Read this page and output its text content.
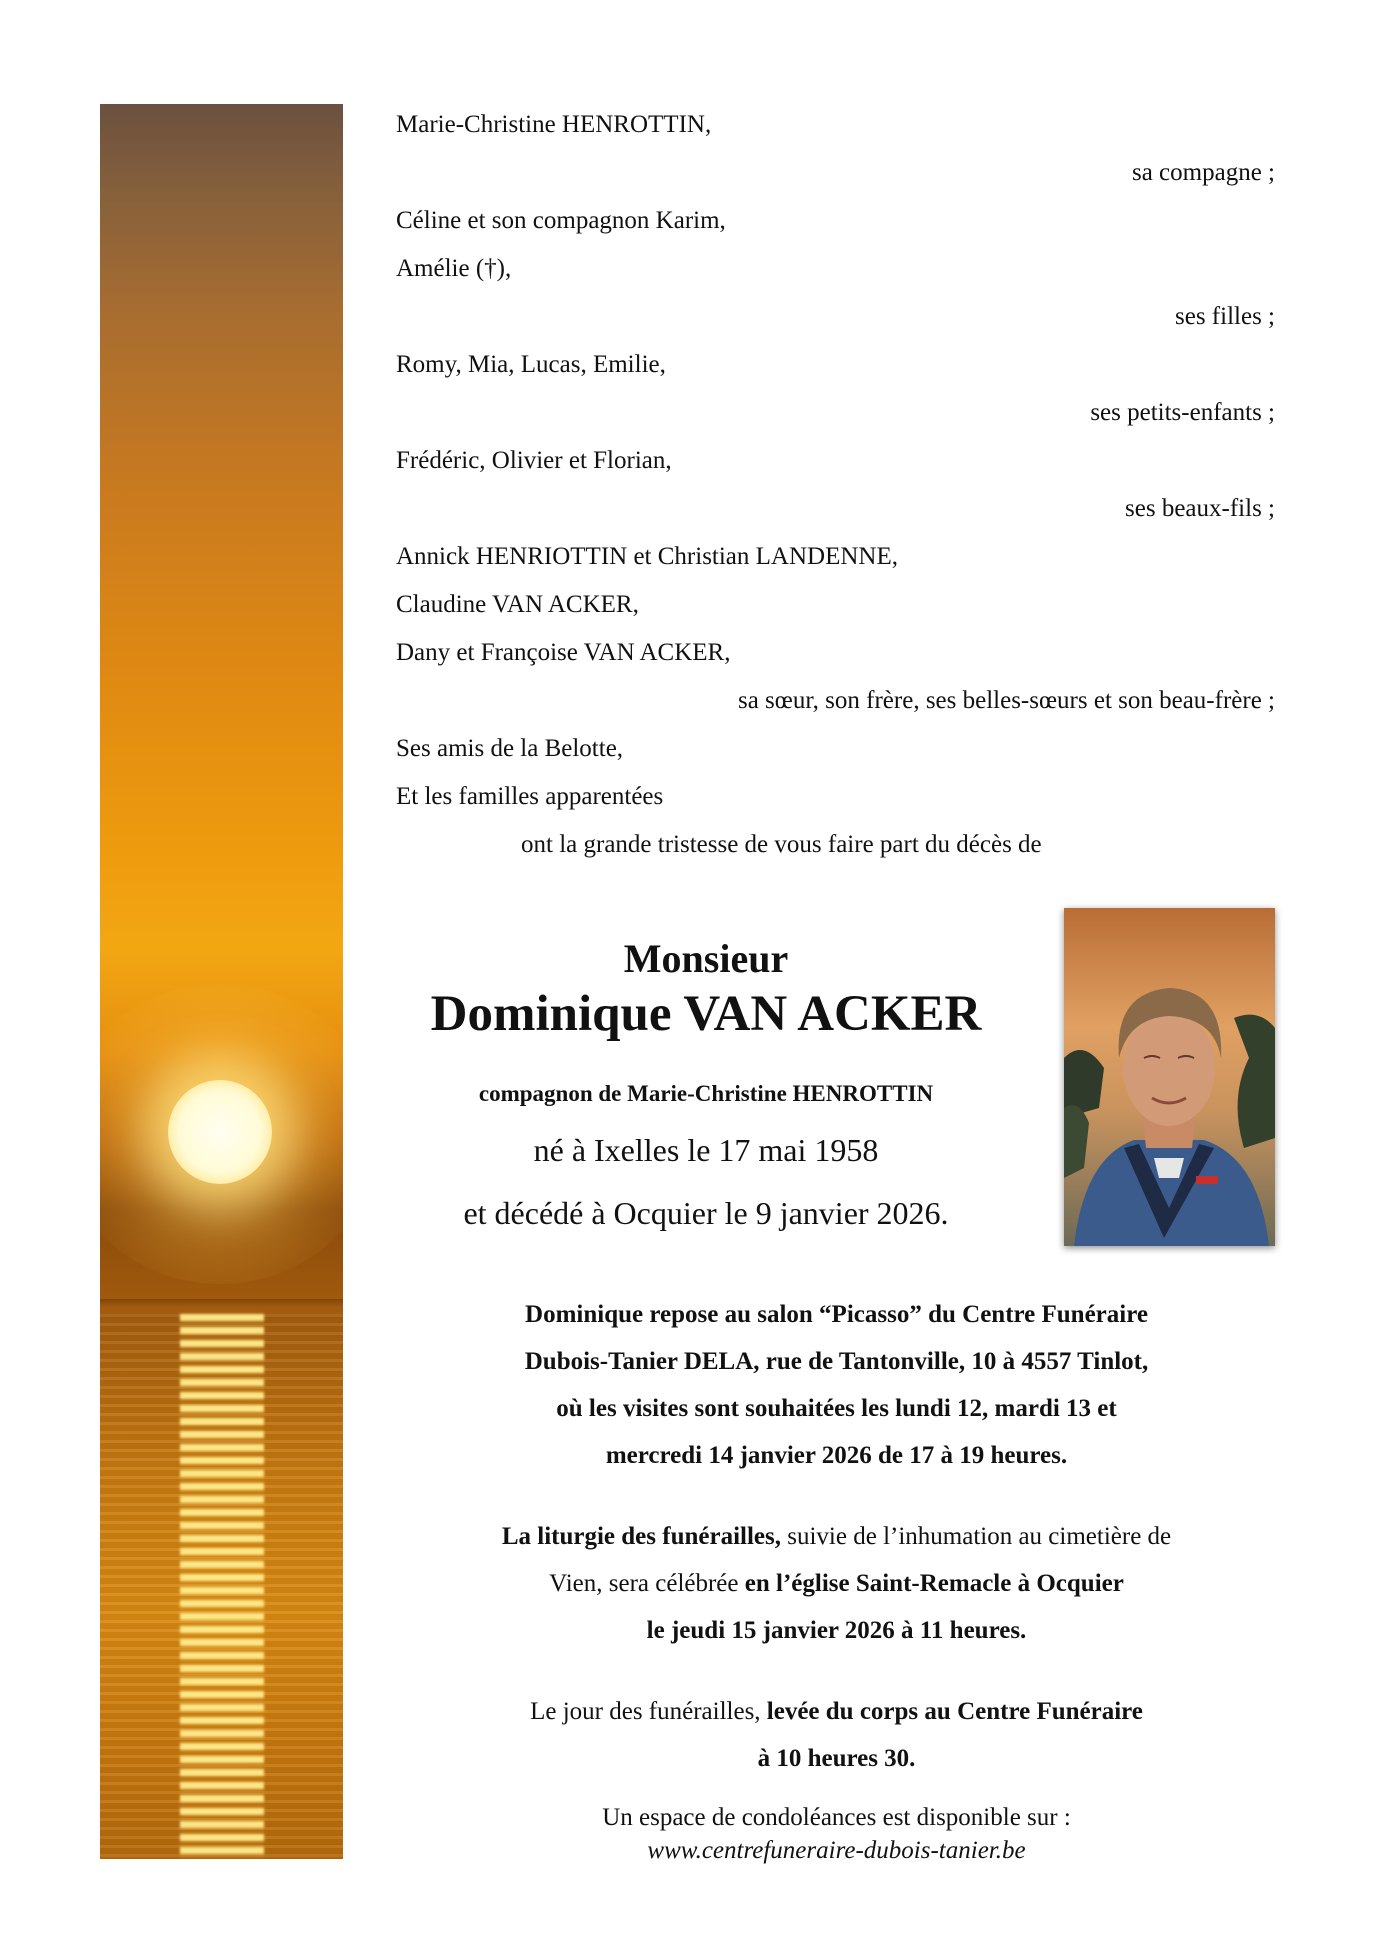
Marie-Christine HENROTTIN,
sa compagne ;
Céline et son compagnon Karim,
Amélie (†),
ses filles ;
Romy, Mia, Lucas, Emilie,
ses petits-enfants ;
Frédéric, Olivier et Florian,
ses beaux-fils ;
Annick HENRIOTTIN et Christian LANDENNE,
Claudine VAN ACKER,
Dany et Françoise VAN ACKER,
sa sœur, son frère, ses belles-sœurs et son beau-frère ;
Ses amis de la Belotte,
Et les familles apparentées
ont la grande tristesse de vous faire part du décès de
Monsieur
Dominique VAN ACKER
compagnon de Marie-Christine HENROTTIN
né à Ixelles le 17 mai 1958
et décédé à Ocquier le 9 janvier 2026.
Dominique repose au salon “Picasso” du Centre Funéraire
Dubois-Tanier DELA, rue de Tantonville, 10 à 4557 Tinlot,
où les visites sont souhaitées les lundi 12, mardi 13 et
mercredi 14 janvier 2026 de 17 à 19 heures.
La liturgie des funérailles, suivie de l’inhumation au cimetière de
Vien, sera célébrée en l’église Saint-Remacle à Ocquier
le jeudi 15 janvier 2026 à 11 heures.
Le jour des funérailles, levée du corps au Centre Funéraire
à 10 heures 30.
Un espace de condoléances est disponible sur :
www.centrefuneraire-dubois-tanier.be
